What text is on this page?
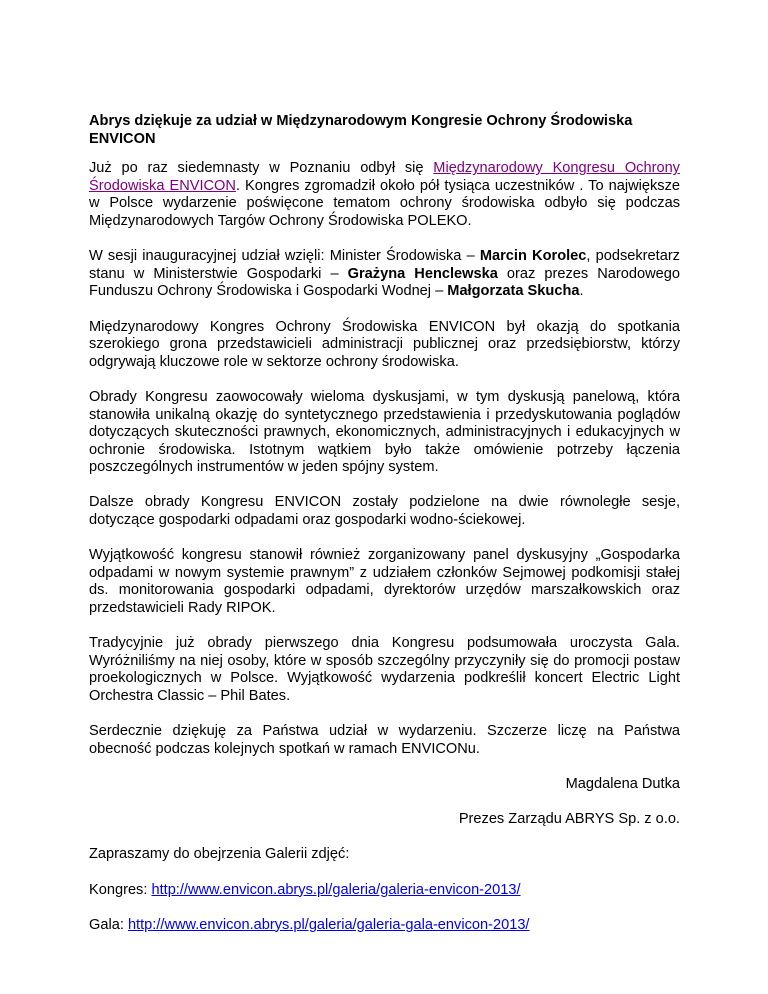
Abrys dziękuje za udział w Międzynarodowym Kongresie Ochrony Środowiska ENVICON

Już po raz siedemnasty w Poznaniu odbył się Międzynarodowy Kongresu Ochrony Środowiska ENVICON. Kongres zgromadził około pół tysiąca uczestników . To największe w Polsce wydarzenie poświęcone tematom ochrony środowiska odbyło się podczas Międzynarodowych Targów Ochrony Środowiska POLEKO.

W sesji inauguracyjnej udział wzięli: Minister Środowiska – Marcin Korolec, podsekretarz stanu w Ministerstwie Gospodarki – Grażyna Henclewska oraz prezes Narodowego Funduszu Ochrony Środowiska i Gospodarki Wodnej – Małgorzata Skucha.

Międzynarodowy Kongres Ochrony Środowiska ENVICON był okazją do spotkania szerokiego grona przedstawicieli administracji publicznej oraz przedsiębiorstw, którzy odgrywają kluczowe role w sektorze ochrony środowiska.

Obrady Kongresu zaowocowały wieloma dyskusjami, w tym dyskusją panelową, która stanowiła unikalną okazję do syntetycznego przedstawienia i przedyskutowania poglądów dotyczących skuteczności prawnych, ekonomicznych, administracyjnych i edukacyjnych w ochronie środowiska. Istotnym wątkiem było także omówienie potrzeby łączenia poszczególnych instrumentów w jeden spójny system.

Dalsze obrady Kongresu ENVICON zostały podzielone na dwie równoległe sesje, dotyczące gospodarki odpadami oraz gospodarki wodno-ściekowej.

Wyjątkowość kongresu stanowił również zorganizowany panel dyskusyjny „Gospodarka odpadami w nowym systemie prawnym” z udziałem członków Sejmowej podkomisji stałej ds. monitorowania gospodarki odpadami, dyrektorów urzędów marszałkowskich oraz przedstawicieli Rady RIPOK.

Tradycyjnie już obrady pierwszego dnia Kongresu podsumowała uroczysta Gala. Wyróżniliśmy na niej osoby, które w sposób szczególny przyczyniły się do promocji postaw proekologicznych w Polsce. Wyjątkowość wydarzenia podkreślił koncert Electric Light Orchestra Classic – Phil Bates.

Serdecznie dziękuję za Państwa udział w wydarzeniu. Szczerze liczę na Państwa obecność podczas kolejnych spotkań w ramach ENVICONu.

Magdalena Dutka

Prezes Zarządu ABRYS Sp. z o.o.

Zapraszamy do obejrzenia Galerii zdjęć:

Kongres: http://www.envicon.abrys.pl/galeria/galeria-envicon-2013/

Gala: http://www.envicon.abrys.pl/galeria/galeria-gala-envicon-2013/
